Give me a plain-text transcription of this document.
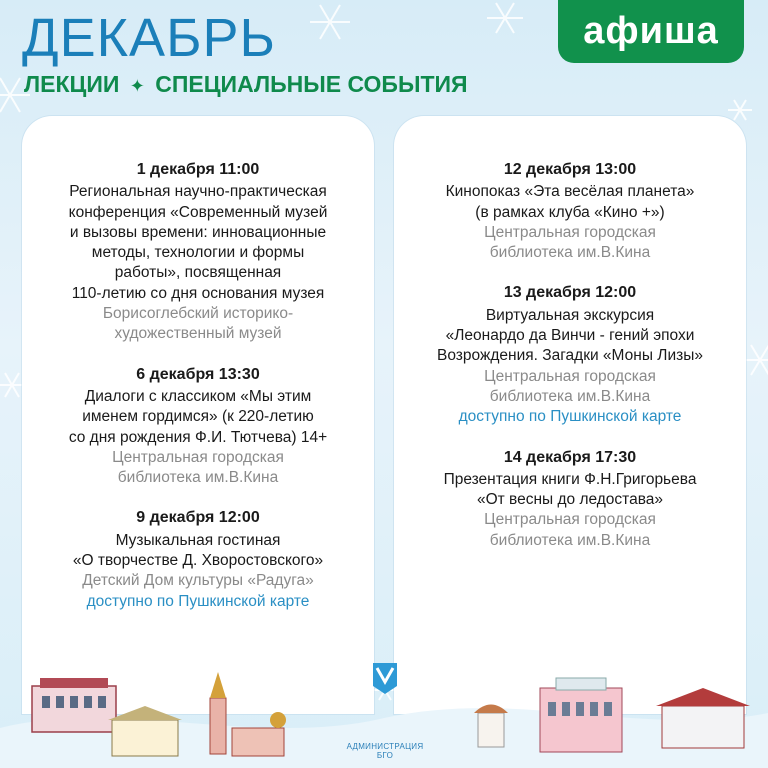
ДЕКАБРЬ
ЛЕКЦИИ ✦ СПЕЦИАЛЬНЫЕ СОБЫТИЯ
афиша
1 декабря 11:00
Региональная научно-практическая
конференция «Современный музей
и вызовы времени: инновационные
методы, технологии и формы
работы», посвященная
110-летию со дня основания музея
Борисоглебский историко-
художественный музей
6 декабря 13:30
Диалоги с классиком «Мы этим
именем гордимся» (к 220-летию
со дня рождения Ф.И. Тютчева) 14+
Центральная городская
библиотека им.В.Кина
9 декабря 12:00
Музыкальная гостиная
«О творчестве Д. Хворостовского»
Детский Дом культуры «Радуга»
доступно по Пушкинской карте
12 декабря 13:00
Кинопоказ «Эта весёлая планета»
(в рамках клуба «Кино +»)
Центральная городская
библиотека им.В.Кина
13 декабря 12:00
Виртуальная экскурсия
«Леонардо да Винчи - гений эпохи
Возрождения. Загадки «Моны Лизы»
Центральная городская
библиотека им.В.Кина
доступно по Пушкинской карте
14 декабря 17:30
Презентация книги Ф.Н.Григорьева
«От весны до ледостава»
Центральная городская
библиотека им.В.Кина
АДМИНИСТРАЦИЯ БГО
